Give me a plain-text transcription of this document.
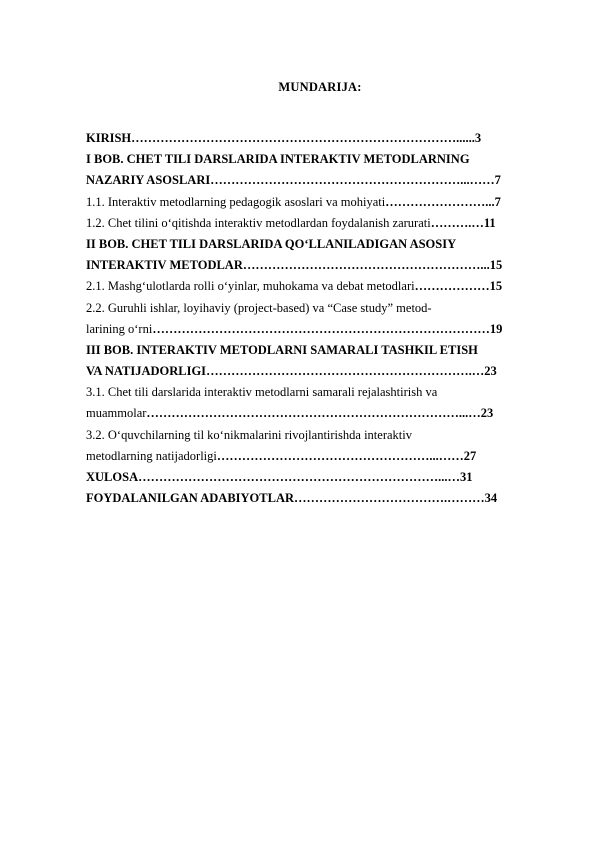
MUNDARIJA:
KIRISH……………………………………………………………………......3
I BOB. CHET TILI DARSLARIDA INTERAKTIV METODLARNING
NAZARIY ASOSLARI……………………………………………………...……7
1.1. Interaktiv metodlarning pedagogik asoslari va mohiyati……………………...7
1.2. Chet tilini o‘qitishda interaktiv metodlardan foydalanish zarurati……….…11
II BOB. CHET TILI DARSLARIDA QO‘LLANILADIGAN ASOSIY
INTERAKTIV METODLAR…………………………………………………...15
2.1. Mashg‘ulotlarda rolli o‘yinlar, muhokama va debat metodlari………………15
2.2. Guruhli ishlar, loyihaviy (project-based) va “Case study” metod-
larining o‘rni………………………………………………………………………19
III BOB. INTERAKTIV METODLARNI SAMARALI TASHKIL ETISH
VA NATIJADORLIGI……………………………………………………….…23
3.1. Chet tili darslarida interaktiv metodlarni samarali rejalashtirish va
muammolar…………………………………………………………………...…23
3.2. O‘quvchilarning til ko‘nikmalarini rivojlantirishda interaktiv
metodlarning natijadorligi……………………………………………...……27
XULOSA………………………………………………………………...…31
FOYDALANILGAN ADABIYOTLAR……………………………….………34
